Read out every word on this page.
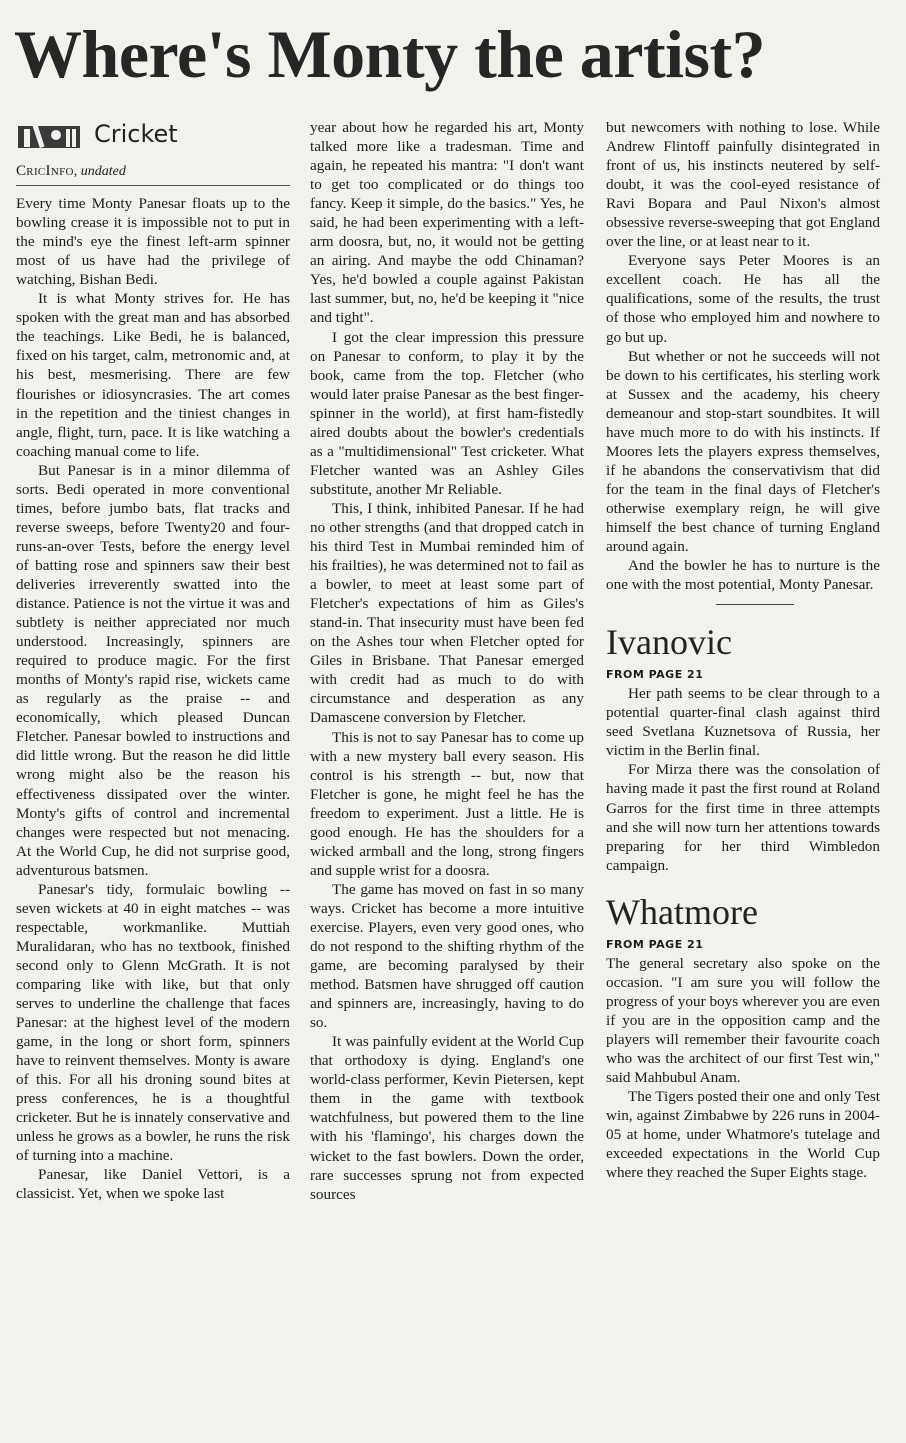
Where's Monty the artist?
Cricket
CricInfo, undated

Every time Monty Panesar floats up to the bowling crease it is impossible not to put in the mind's eye the finest left-arm spinner most of us have had the privilege of watching, Bishan Bedi.

It is what Monty strives for. He has spoken with the great man and has absorbed the teachings. Like Bedi, he is balanced, fixed on his target, calm, metronomic and, at his best, mesmerising. There are few flourishes or idiosyncrasies. The art comes in the repetition and the tiniest changes in angle, flight, turn, pace. It is like watching a coaching manual come to life.

But Panesar is in a minor dilemma of sorts. Bedi operated in more conventional times, before jumbo bats, flat tracks and reverse sweeps, before Twenty20 and four-runs-an-over Tests, before the energy level of batting rose and spinners saw their best deliveries irreverently swatted into the distance. Patience is not the virtue it was and subtlety is neither appreciated nor much understood. Increasingly, spinners are required to produce magic. For the first months of Monty's rapid rise, wickets came as regularly as the praise -- and economically, which pleased Duncan Fletcher. Panesar bowled to instructions and did little wrong. But the reason he did little wrong might also be the reason his effectiveness dissipated over the winter. Monty's gifts of control and incremental changes were respected but not menacing. At the World Cup, he did not surprise good, adventurous batsmen.

Panesar's tidy, formulaic bowling -- seven wickets at 40 in eight matches -- was respectable, workmanlike. Muttiah Muralidaran, who has no textbook, finished second only to Glenn McGrath. It is not comparing like with like, but that only serves to underline the challenge that faces Panesar: at the highest level of the modern game, in the long or short form, spinners have to reinvent themselves. Monty is aware of this. For all his droning sound bites at press conferences, he is a thoughtful cricketer. But he is innately conservative and unless he grows as a bowler, he runs the risk of turning into a machine.

Panesar, like Daniel Vettori, is a classicist. Yet, when we spoke last

year about how he regarded his art, Monty talked more like a tradesman. Time and again, he repeated his mantra: "I don't want to get too complicated or do things too fancy. Keep it simple, do the basics." Yes, he said, he had been experimenting with a left-arm doosra, but, no, it would not be getting an airing. And maybe the odd Chinaman? Yes, he'd bowled a couple against Pakistan last summer, but, no, he'd be keeping it "nice and tight".

I got the clear impression this pressure on Panesar to conform, to play it by the book, came from the top. Fletcher (who would later praise Panesar as the best finger-spinner in the world), at first ham-fistedly aired doubts about the bowler's credentials as a "multidimensional" Test cricketer. What Fletcher wanted was an Ashley Giles substitute, another Mr Reliable.

This, I think, inhibited Panesar. If he had no other strengths (and that dropped catch in his third Test in Mumbai reminded him of his frailties), he was determined not to fail as a bowler, to meet at least some part of Fletcher's expectations of him as Giles's stand-in. That insecurity must have been fed on the Ashes tour when Fletcher opted for Giles in Brisbane. That Panesar emerged with credit had as much to do with circumstance and desperation as any Damascene conversion by Fletcher.

This is not to say Panesar has to come up with a new mystery ball every season. His control is his strength -- but, now that Fletcher is gone, he might feel he has the freedom to experiment. Just a little. He is good enough. He has the shoulders for a wicked armball and the long, strong fingers and supple wrist for a doosra.

The game has moved on fast in so many ways. Cricket has become a more intuitive exercise. Players, even very good ones, who do not respond to the shifting rhythm of the game, are becoming paralysed by their method. Batsmen have shrugged off caution and spinners are, increasingly, having to do so.

It was painfully evident at the World Cup that orthodoxy is dying. England's one world-class performer, Kevin Pietersen, kept them in the game with textbook watchfulness, but powered them to the line with his 'flamingo', his charges down the wicket to the fast bowlers. Down the order, rare successes sprung not from expected sources

but newcomers with nothing to lose. While Andrew Flintoff painfully disintegrated in front of us, his instincts neutered by self-doubt, it was the cool-eyed resistance of Ravi Bopara and Paul Nixon's almost obsessive reverse-sweeping that got England over the line, or at least near to it.

Everyone says Peter Moores is an excellent coach. He has all the qualifications, some of the results, the trust of those who employed him and nowhere to go but up.

But whether or not he succeeds will not be down to his certificates, his sterling work at Sussex and the academy, his cheery demeanour and stop-start soundbites. It will have much more to do with his instincts. If Moores lets the players express themselves, if he abandons the conservativism that did for the team in the final days of Fletcher's otherwise exemplary reign, he will give himself the best chance of turning England around again.

And the bowler he has to nurture is the one with the most potential, Monty Panesar.

Ivanovic

FROM PAGE 21

Her path seems to be clear through to a potential quarter-final clash against third seed Svetlana Kuznetsova of Russia, her victim in the Berlin final.

For Mirza there was the consolation of having made it past the first round at Roland Garros for the first time in three attempts and she will now turn her attentions towards preparing for her third Wimbledon campaign.

Whatmore

FROM PAGE 21

The general secretary also spoke on the occasion. "I am sure you will follow the progress of your boys wherever you are even if you are in the opposition camp and the players will remember their favourite coach who was the architect of our first Test win," said Mahbubul Anam.

The Tigers posted their one and only Test win, against Zimbabwe by 226 runs in 2004-05 at home, under Whatmore's tutelage and exceeded expectations in the World Cup where they reached the Super Eights stage.
